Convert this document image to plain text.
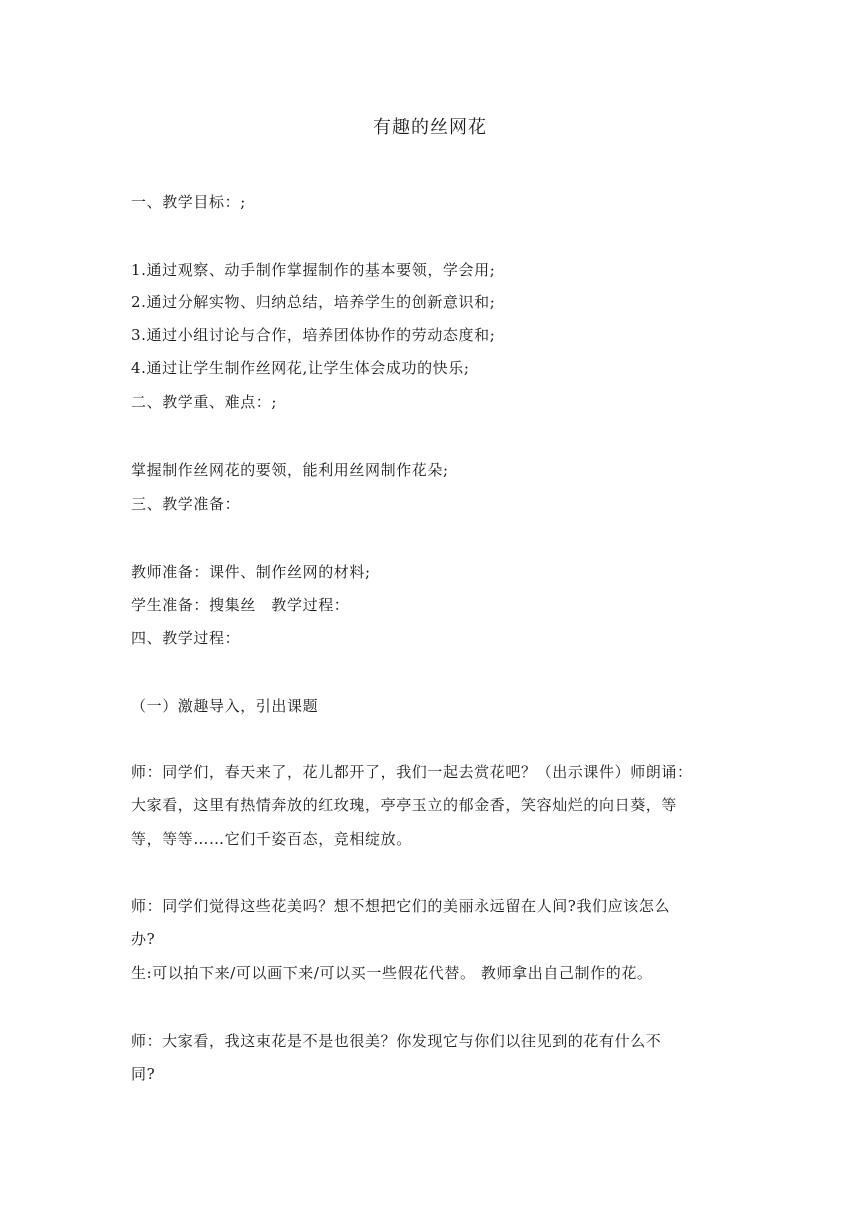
有趣的丝网花
一、教学目标：;
1.通过观察、动手制作掌握制作的基本要领，学会用;
2.通过分解实物、归纳总结，培养学生的创新意识和;
3.通过小组讨论与合作，培养团体协作的劳动态度和;
4.通过让学生制作丝网花,让学生体会成功的快乐;
二、教学重、难点：;
掌握制作丝网花的要领，能利用丝网制作花朵;
三、教学准备：
教师准备：课件、制作丝网的材料;
学生准备：搜集丝　教学过程：
四、教学过程：
（一）激趣导入，引出课题
师：同学们，春天来了，花儿都开了，我们一起去赏花吧？（出示课件）师朗诵：
大家看，这里有热情奔放的红玫瑰，亭亭玉立的郁金香，笑容灿烂的向日葵，等
等，等等……它们千姿百态，竞相绽放。
师：同学们觉得这些花美吗？想不想把它们的美丽永远留在人间?我们应该怎么
办?
生:可以拍下来/可以画下来/可以买一些假花代替。 教师拿出自己制作的花。
师：大家看，我这束花是不是也很美？你发现它与你们以往见到的花有什么不
同?
